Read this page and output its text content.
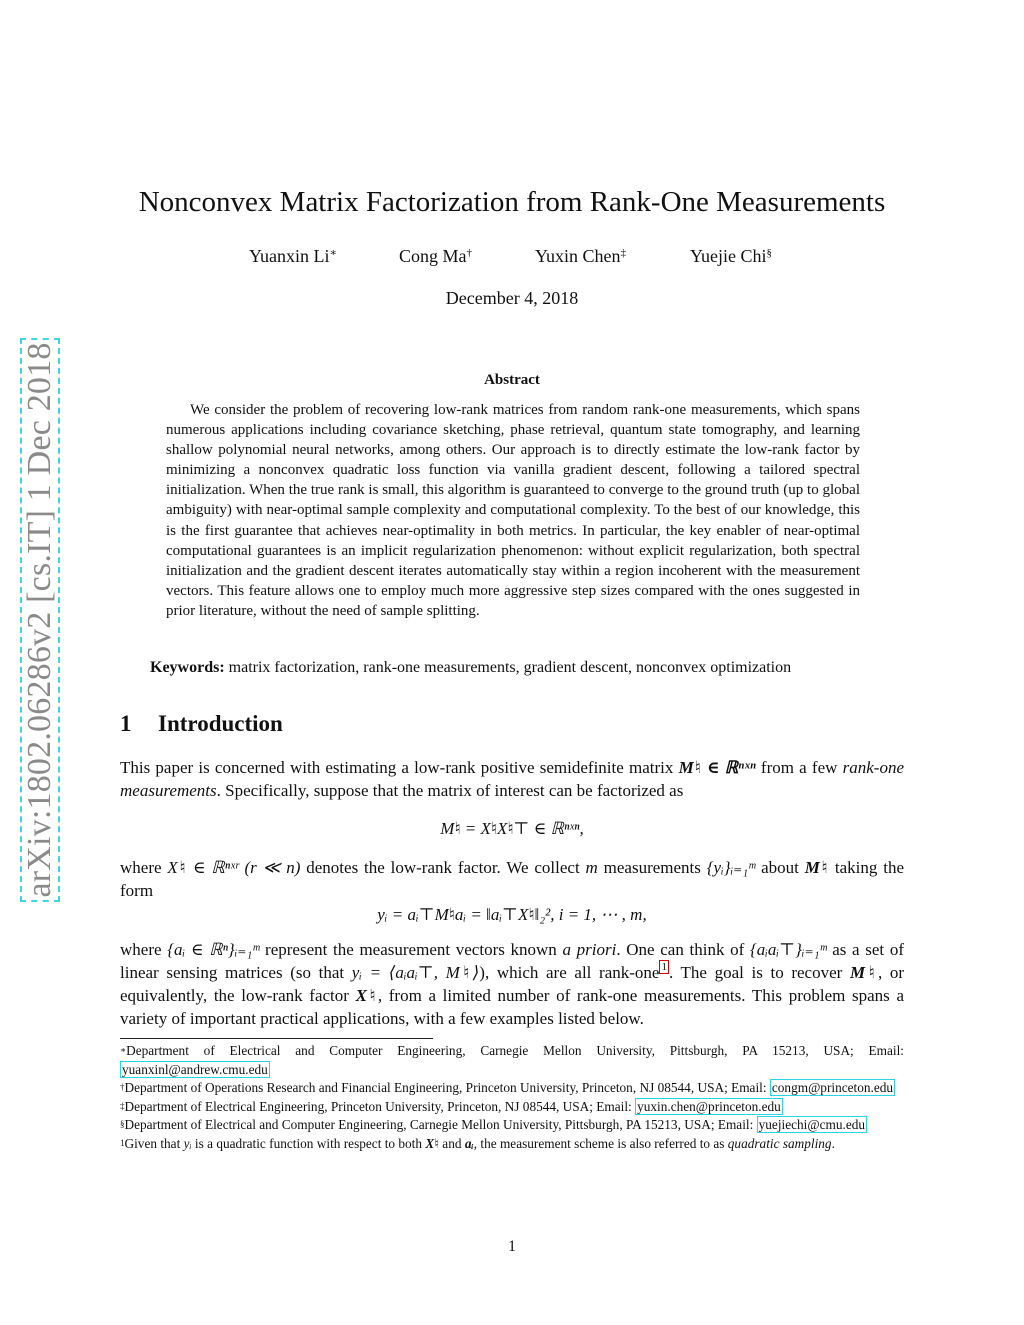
arXiv:1802.06286v2 [cs.IT] 1 Dec 2018
Nonconvex Matrix Factorization from Rank-One Measurements
Yuanxin Li∗	Cong Ma†	Yuxin Chen‡	Yuejie Chi§
December 4, 2018
Abstract
We consider the problem of recovering low-rank matrices from random rank-one measurements, which spans numerous applications including covariance sketching, phase retrieval, quantum state tomography, and learning shallow polynomial neural networks, among others. Our approach is to directly estimate the low-rank factor by minimizing a nonconvex quadratic loss function via vanilla gradient descent, following a tailored spectral initialization. When the true rank is small, this algorithm is guaranteed to converge to the ground truth (up to global ambiguity) with near-optimal sample complexity and computational complexity. To the best of our knowledge, this is the first guarantee that achieves near-optimality in both metrics. In particular, the key enabler of near-optimal computational guarantees is an implicit regularization phenomenon: without explicit regularization, both spectral initialization and the gradient descent iterates automatically stay within a region incoherent with the measurement vectors. This feature allows one to employ much more aggressive step sizes compared with the ones suggested in prior literature, without the need of sample splitting.
Keywords: matrix factorization, rank-one measurements, gradient descent, nonconvex optimization
1 Introduction
This paper is concerned with estimating a low-rank positive semidefinite matrix M♮ ∈ ℝⁿˣⁿ from a few rank-one measurements. Specifically, suppose that the matrix of interest can be factorized as
M♮ = X♮X♮⊤ ∈ ℝⁿˣⁿ,
where X♮ ∈ ℝⁿˣʳ (r ≪ n) denotes the low-rank factor. We collect m measurements {yᵢ}ᵢ₌₁ᵐ about M♮ taking the form
yᵢ = aᵢ⊤M♮aᵢ = ‖aᵢ⊤X♮‖₂², i = 1, ⋯ , m,
where {aᵢ ∈ ℝⁿ}ᵢ₌₁ᵐ represent the measurement vectors known a priori. One can think of {aᵢaᵢ⊤}ᵢ₌₁ᵐ as a set of linear sensing matrices (so that yᵢ = ⟨aᵢaᵢ⊤, M♮⟩), which are all rank-one $^1$ . The goal is to recover M♮, or equivalently, the low-rank factor X♮, from a limited number of rank-one measurements. This problem spans a variety of important practical applications, with a few examples listed below.

∗Department of Electrical and Computer Engineering, Carnegie Mellon University, Pittsburgh, PA 15213, USA; Email: yuanxinl@andrew.cmu.edu

†Department of Operations Research and Financial Engineering, Princeton University, Princeton, NJ 08544, USA; Email: congm@princeton.edu

‡Department of Electrical Engineering, Princeton University, Princeton, NJ 08544, USA; Email: yuxin.chen@princeton.edu

§Department of Electrical and Computer Engineering, Carnegie Mellon University, Pittsburgh, PA 15213, USA; Email: yuejiechi@cmu.edu

$^1$Given that yᵢ is a quadratic function with respect to both X♮ and aᵢ, the measurement scheme is also referred to as quadratic sampling.

1
